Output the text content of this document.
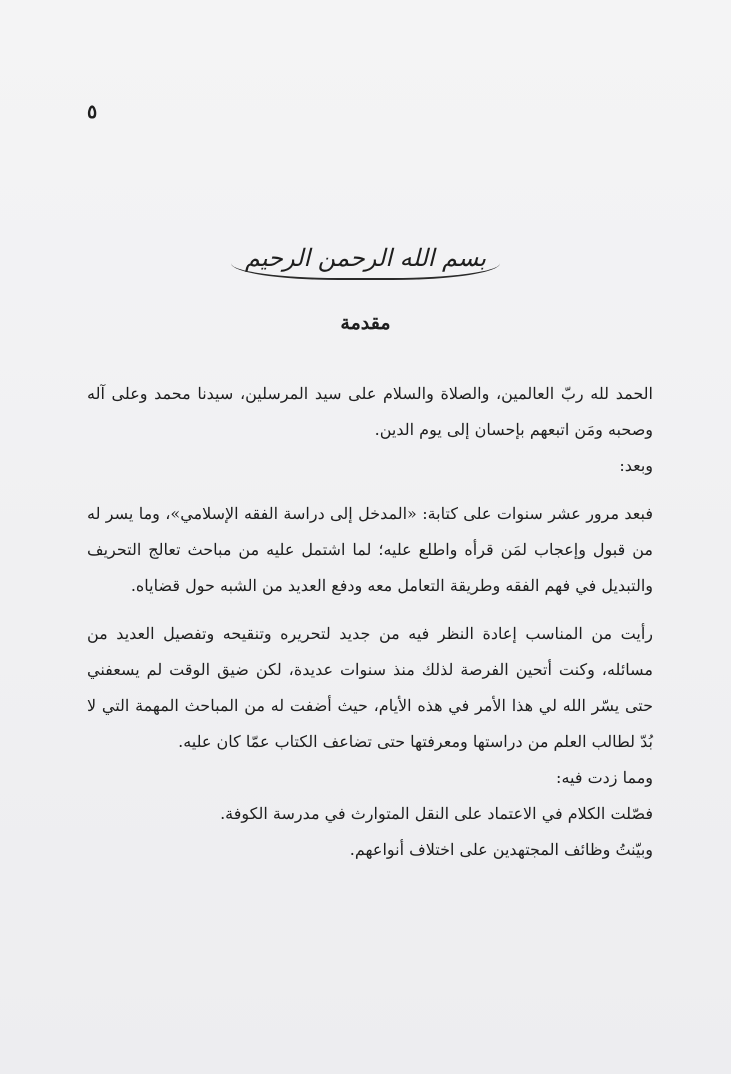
٥
بسم الله الرحمن الرحيم
مقدمة

الحمد لله ربّ العالمين، والصلاة والسلام على سيد المرسلين، سيدنا محمد وعلى آله وصحبه ومَن اتبعهم بإحسان إلى يوم الدين.

وبعد:

فبعد مرور عشر سنوات على كتابة: «المدخل إلى دراسة الفقه الإسلامي»، وما يسر له من قبول وإعجاب لمَن قرأه واطلع عليه؛ لما اشتمل عليه من مباحث تعالج التحريف والتبديل في فهم الفقه وطريقة التعامل معه ودفع العديد من الشبه حول قضاياه.

رأيت من المناسب إعادة النظر فيه من جديد لتحريره وتنقيحه وتفصيل العديد من مسائله، وكنت أتحين الفرصة لذلك منذ سنوات عديدة، لكن ضيق الوقت لم يسعفني حتى يسّر الله لي هذا الأمر في هذه الأيام، حيث أضفت له من المباحث المهمة التي لا بُدّ لطالب العلم من دراستها ومعرفتها حتى تضاعف الكتاب عمّا كان عليه.

ومما زدت فيه:

فصّلت الكلام في الاعتماد على النقل المتوارث في مدرسة الكوفة.

وبيّنتُ وظائف المجتهدين على اختلاف أنواعهم.
